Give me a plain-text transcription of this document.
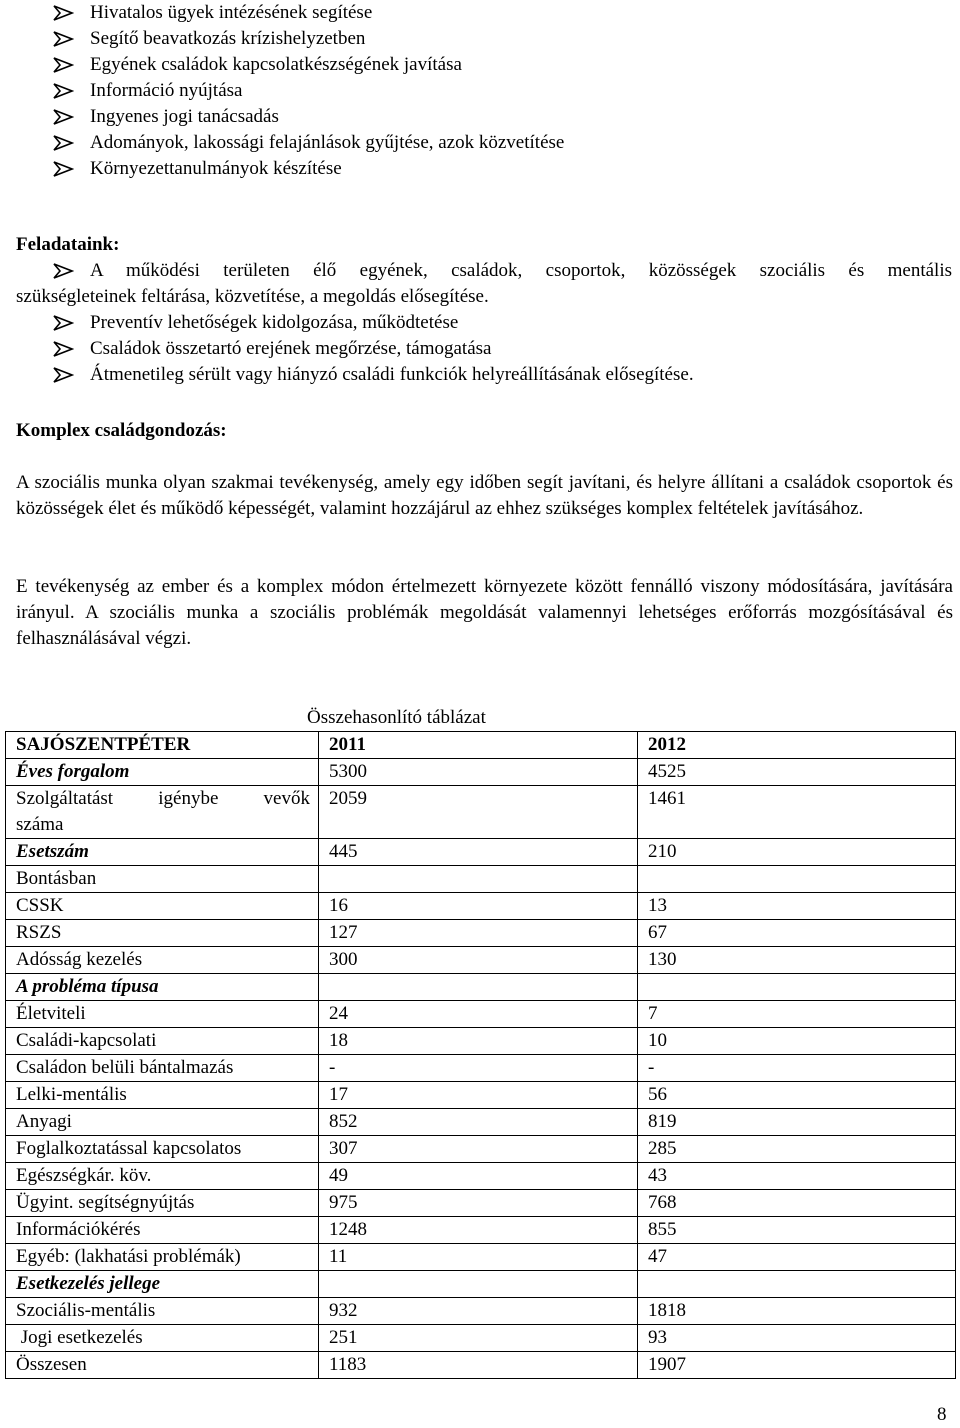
Hivatalos ügyek intézésének segítése
Segítő beavatkozás krízishelyzetben
Egyének családok kapcsolatkészségének javítása
Információ nyújtása
Ingyenes jogi tanácsadás
Adományok, lakossági felajánlások gyűjtése, azok közvetítése
Környezettanulmányok készítése
Feladataink:
A működési területen élő egyének, családok, csoportok, közösségek szociális és mentális
szükségleteinek feltárása, közvetítése, a megoldás elősegítése.
Preventív lehetőségek kidolgozása, működtetése
Családok összetartó erejének megőrzése, támogatása
Átmenetileg sérült vagy hiányzó családi funkciók helyreállításának elősegítése.
Komplex családgondozás:

A szociális munka olyan szakmai tevékenység, amely egy időben segít javítani, és helyre állítani a családok csoportok és közösségek élet és működő képességét, valamint hozzájárul az ehhez szükséges komplex feltételek javításához.

E tevékenység az ember és a komplex módon értelmezett környezete között fennálló viszony módosítására, javítására irányul. A szociális munka a szociális problémák megoldását valamennyi lehetséges erőforrás mozgósításával és felhasználásával végzi.

Összehasonlító táblázat
SAJÓSZENTPÉTER	2011	2012
Éves forgalom	5300	4525

Szolgáltatást igénybe vevők
száma	2059	1461
Esetszám	445	210
Bontásban		
CSSK	16	13
RSZS	127	67
Adósság kezelés	300	130
A probléma típusa		
Életviteli	24	7
Családi-kapcsolati	18	10
Családon belüli bántalmazás	-	-
Lelki-mentális	17	56
Anyagi	852	819
Foglalkoztatással kapcsolatos	307	285
Egészségkár. köv.	49	43
Ügyint. segítségnyújtás	975	768
Információkérés	1248	855
Egyéb: (lakhatási problémák)	11	47
Esetkezelés jellege		
Szociális-mentális	932	1818
Jogi esetkezelés	251	93
Összesen	1183	1907
8
